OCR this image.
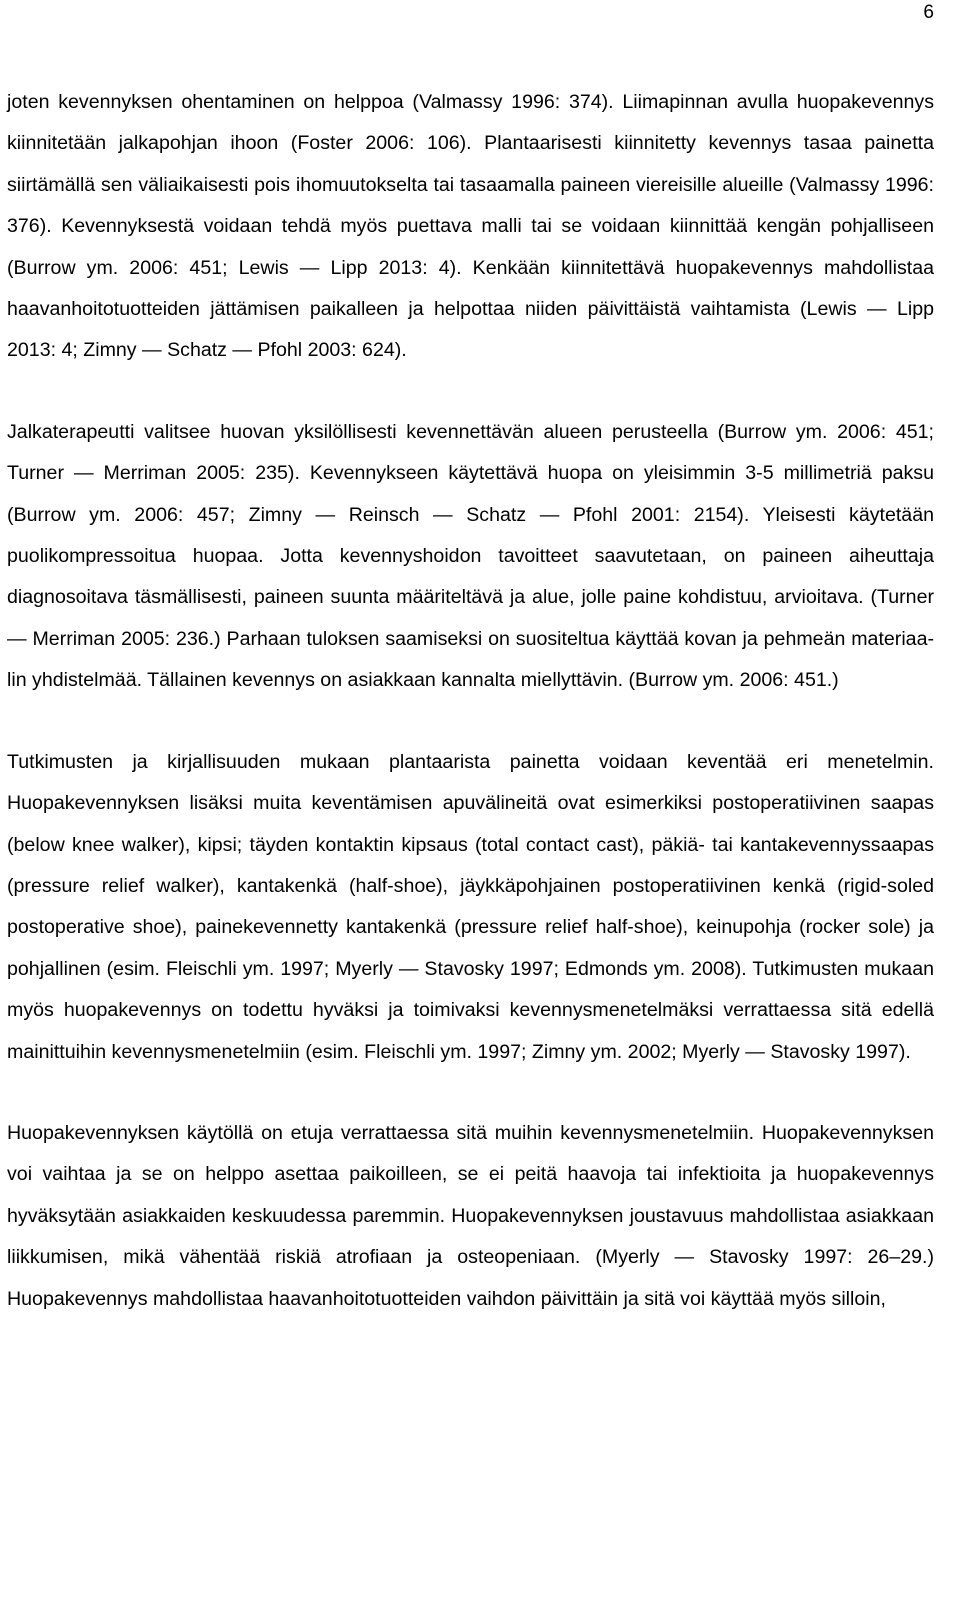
6

joten kevennyksen ohentaminen on helppoa (Valmassy 1996: 374). Liimapinnan avulla huopakevennys kiinnitetään jalkapohjan ihoon (Foster 2006: 106). Plantaarisesti kiinnitetty kevennys tasaa painetta siirtämällä sen väliaikaisesti pois ihomuutokselta tai tasaamalla paineen viereisille alueille (Valmassy 1996: 376). Kevennyksestä voidaan tehdä myös puettava malli tai se voidaan kiinnittää kengän pohjalliseen (Burrow ym. 2006: 451; Lewis — Lipp 2013: 4). Kenkään kiinnitettävä huopakevennys mahdollistaa haavanhoitotuotteiden jättämisen paikalleen ja helpottaa niiden päivittäistä vaihtamista (Lewis — Lipp 2013: 4; Zimny — Schatz — Pfohl 2003: 624).

Jalkaterapeutti valitsee huovan yksilöllisesti kevennettävän alueen perusteella (Burrow ym. 2006: 451; Turner — Merriman 2005: 235). Kevennykseen käytettävä huopa on yleisimmin 3-5 millimetriä paksu (Burrow ym. 2006: 457; Zimny — Reinsch — Schatz — Pfohl 2001: 2154). Yleisesti käytetään puolikompressoitua huopaa. Jotta kevennyshoidon tavoitteet saavutetaan, on paineen aiheuttaja diagnosoitava täsmällisesti, paineen suunta määriteltävä ja alue, jolle paine kohdistuu, arvioitava. (Turner — Merriman 2005: 236.) Parhaan tuloksen saamiseksi on suositeltua käyttää kovan ja pehmeän materiaalin yhdistelmää. Tällainen kevennys on asiakkaan kannalta miellyttävin. (Burrow ym. 2006: 451.)

Tutkimusten ja kirjallisuuden mukaan plantaarista painetta voidaan keventää eri menetelmin. Huopakevennyksen lisäksi muita keventämisen apuvälineitä ovat esimerkiksi postoperatiivinen saapas (below knee walker), kipsi; täyden kontaktin kipsaus (total contact cast), päkiä- tai kantakevennyssaapas (pressure relief walker), kantakenkä (half-shoe), jäykkäpohjainen postoperatiivinen kenkä (rigid-soled postoperative shoe), painekevennetty kantakenkä (pressure relief half-shoe), keinupohja (rocker sole) ja pohjallinen (esim. Fleischli ym. 1997; Myerly — Stavosky 1997; Edmonds ym. 2008). Tutkimusten mukaan myös huopakevennys on todettu hyväksi ja toimivaksi kevennysmenetelmäksi verrattaessa sitä edellä mainittuihin kevennysmenetelmiin (esim. Fleischli ym. 1997; Zimny ym. 2002; Myerly — Stavosky 1997).

Huopakevennyksen käytöllä on etuja verrattaessa sitä muihin kevennysmenetelmiin. Huopakevennyksen voi vaihtaa ja se on helppo asettaa paikoilleen, se ei peitä haavoja tai infektioita ja huopakevennys hyväksytään asiakkaiden keskuudessa paremmin. Huopakevennyksen joustavuus mahdollistaa asiakkaan liikkumisen, mikä vähentää riskiä atrofiaan ja osteopeniaan. (Myerly — Stavosky 1997: 26–29.) Huopakevennys mahdollistaa haavanhoitotuotteiden vaihdon päivittäin ja sitä voi käyttää myös silloin,
